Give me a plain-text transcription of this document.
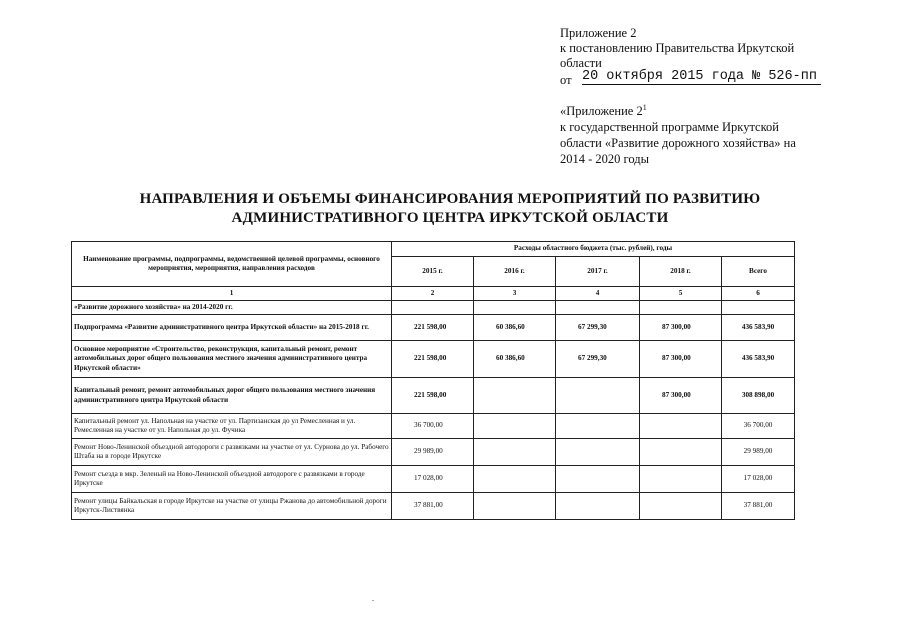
Приложение 2
к постановлению Правительства Иркутской
области
от 20 октября 2015 года № 526-пп
«Приложение $2^1$
к государственной программе Иркутской
области «Развитие дорожного хозяйства» на
2014 - 2020 годы
НАПРАВЛЕНИЯ И ОБЪЕМЫ ФИНАНСИРОВАНИЯ МЕРОПРИЯТИЙ ПО РАЗВИТИЮ
АДМИНИСТРАТИВНОГО ЦЕНТРА ИРКУТСКОЙ ОБЛАСТИ
Наименование программы, подпрограммы, ведомственной целевой программы, основного мероприятия, мероприятия, направления расходов	Расходы областного бюджета (тыс. рублей), годы				
	2015 г.	2016 г.	2017 г.	2018 г.	Всего
1	2	3	4	5	6
«Развитие дорожного хозяйства» на 2014-2020 гг.					
Подпрограмма «Развитие административного центра Иркутской области» на 2015-2018 гг.	221 598,00	60 386,60	67 299,30	87 300,00	436 583,90
Основное мероприятие «Строительство, реконструкция, капитальный ремонт, ремонт автомобильных дорог общего пользования местного значения административного центра Иркутской области»	221 598,00	60 386,60	67 299,30	87 300,00	436 583,90
Капитальный ремонт, ремонт автомобильных дорог общего пользования местного значения административного центра Иркутской области	221 598,00			87 300,00	308 898,00
Капитальный ремонт ул. Напольная на участке от ул. Партизанская до ул Ремесленная и ул. Ремесленная на участке от ул. Напольная до ул. Фучика	36 700,00				36 700,00
Ремонт Ново-Ленинской объездной автодороги с развязками на участке от ул. Сурнова до ул. Рабочего Штаба на в городе Иркутске	29 989,00				29 989,00
Ремонт съезда в мкр. Зеленый на Ново-Ленинской объездной автодороге с развязками в городе Иркутске	17 028,00				17 028,00
Ремонт улицы Байкальская в городе Иркутске на участке от улицы Ржанова до автомобильной дороги Иркутск-Листвянка	37 881,00				37 881,00
